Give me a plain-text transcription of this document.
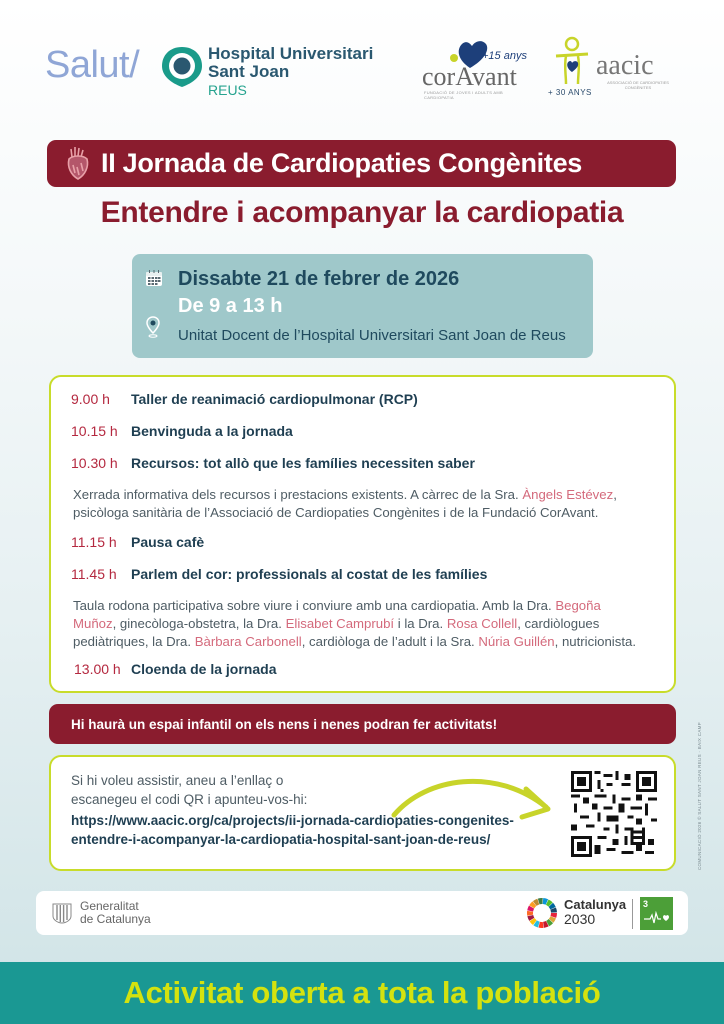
Salut/	Hospital Universitari
Sant Joan
REUS
+15 anys
corAvant
FUNDACIÓ DE JOVES I ADULTS AMB CARDIOPATIA
aacic
ASSOCIACIÓ DE CARDIOPATIES CONGÈNITES
+ 30 ANYS
II Jornada de Cardiopaties Congènites
Entendre i acompanyar la cardiopatia
Dissabte 21 de febrer de 2026
De 9 a 13 h
Unitat Docent de l’Hospital Universitari Sant Joan de Reus
9.00 h	Taller de reanimació cardiopulmonar (RCP)
10.15 h Benvinguda a la jornada
10.30 h Recursos: tot allò que les famílies necessiten saber
Xerrada informativa dels recursos i prestacions existents. A càrrec de la Sra. Àngels Estévez,
psicòloga sanitària de l’Associació de Cardiopaties Congènites i de la Fundació CorAvant.
11.15 h	Pausa cafè
11.45 h	Parlem del cor: professionals al costat de les famílies
Taula rodona participativa sobre viure i conviure amb una cardiopatia. Amb la Dra. Begoña
Muñoz, ginecòloga-obstetra, la Dra. Elisabet Camprubí i la Dra. Rosa Collell, cardiòlogues
pediàtriques, la Dra. Bàrbara Carbonell, cardiòloga de l’adult i la Sra. Núria Guillén, nutricionista.
13.00 h Cloenda de la jornada
Hi haurà un espai infantil on els nens i nenes podran fer activitats!
Si hi voleu assistir, aneu a l’enllaç o
escanegeu el codi QR i apunteu-vos-hi:
https://www.aacic.org/ca/projects/ii-jornada-cardiopaties-congenites-
entendre-i-acompanyar-la-cardiopatia-hospital-sant-joan-de-reus/
Generalitat
de Catalunya
Catalunya
2030
3
COMUNICACIÓ 2026 © SALUT SANT JOAN REUS · BAIX CAMP
Activitat oberta a tota la població
